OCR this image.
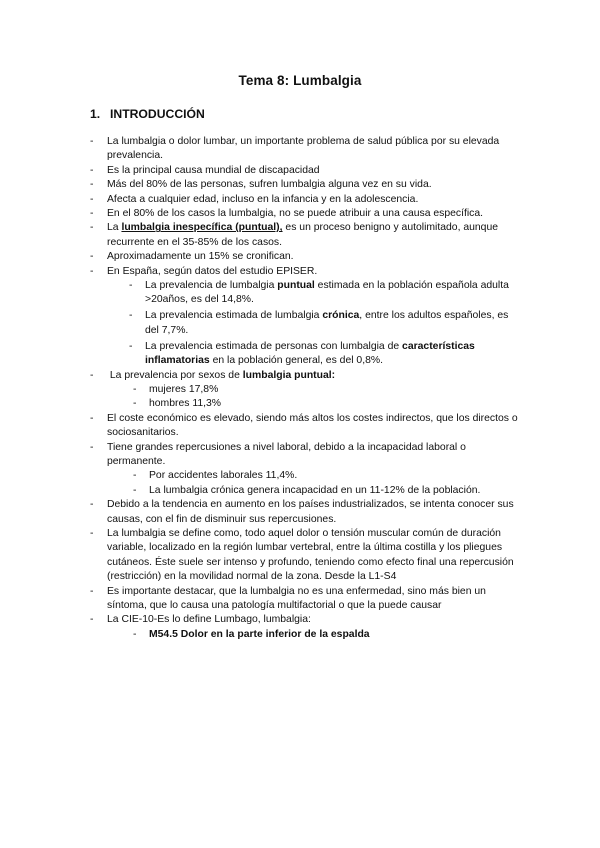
Tema 8: Lumbalgia
1. INTRODUCCIÓN
- La lumbalgia o dolor lumbar, un importante problema de salud pública por su elevada prevalencia.
- Es la principal causa mundial de discapacidad
- Más del 80% de las personas, sufren lumbalgia alguna vez en su vida.
- Afecta a cualquier edad, incluso en la infancia y en la adolescencia.
- En el 80% de los casos la lumbalgia, no se puede atribuir a una causa específica.
- La lumbalgia inespecífica (puntual), es un proceso benigno y autolimitado, aunque recurrente en el 35-85% de los casos.
- Aproximadamente un 15% se cronifican.
- En España, según datos del estudio EPISER.
- La prevalencia de lumbalgia puntual estimada en la población española adulta >20años, es del 14,8%.
- La prevalencia estimada de lumbalgia crónica, entre los adultos españoles, es del 7,7%.
- La prevalencia estimada de personas con lumbalgia de características inflamatorias en la población general, es del 0,8%.
- La prevalencia por sexos de lumbalgia puntual:
- mujeres 17,8%
- hombres 11,3%
- El coste económico es elevado, siendo más altos los costes indirectos, que los directos o sociosanitarios.
- Tiene grandes repercusiones a nivel laboral, debido a la incapacidad laboral o permanente.
- Por accidentes laborales 11,4%.
- La lumbalgia crónica genera incapacidad en un 11-12% de la población.
- Debido a la tendencia en aumento en los países industrializados, se intenta conocer sus causas, con el fin de disminuir sus repercusiones.
- La lumbalgia se define como, todo aquel dolor o tensión muscular común de duración variable, localizado en la región lumbar vertebral, entre la última costilla y los pliegues cutáneos. Éste suele ser intenso y profundo, teniendo como efecto final una repercusión (restricción) en la movilidad normal de la zona. Desde la L1-S4
- Es importante destacar, que la lumbalgia no es una enfermedad, sino más bien un síntoma, que lo causa una patología multifactorial o que la puede causar
- La CIE-10-Es lo define Lumbago, lumbalgia:
- M54.5 Dolor en la parte inferior de la espalda
